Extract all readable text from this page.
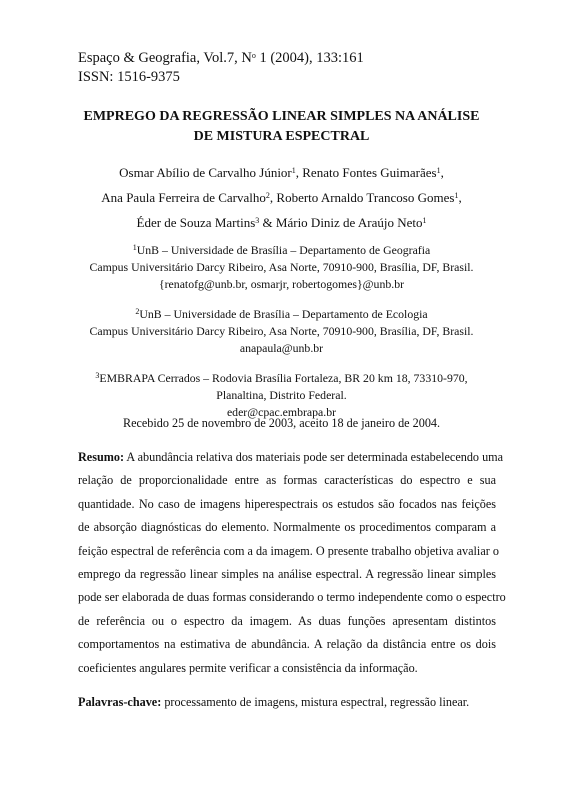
Espaço & Geografia, Vol.7, $N^o$ 1 (2004), 133:161
ISSN: 1516-9375
EMPREGO DA REGRESSÃO LINEAR SIMPLES NA ANÁLISE
DE MISTURA ESPECTRAL
Osmar Abílio de Carvalho Júnior$^1$, Renato Fontes Guimarães$^1$,
Ana Paula Ferreira de Carvalho$^2$, Roberto Arnaldo Trancoso Gomes$^1$,
Éder de Souza Martins$^3$ & Mário Diniz de Araújo Neto$^1$
$^1$UnB – Universidade de Brasília – Departamento de Geografia
Campus Universitário Darcy Ribeiro, Asa Norte, 70910-900, Brasília, DF, Brasil.
{renatofg@unb.br, osmarjr, robertogomes}@unb.br
$^2$UnB – Universidade de Brasília – Departamento de Ecologia
Campus Universitário Darcy Ribeiro, Asa Norte, 70910-900, Brasília, DF, Brasil.
anapaula@unb.br
$^3$EMBRAPA Cerrados – Rodovia Brasília Fortaleza, BR 20 km 18, 73310-970,
Planaltina, Distrito Federal.
eder@cpac.embrapa.br
Recebido 25 de novembro de 2003, aceito 18 de janeiro de 2004.
Resumo: A abundância relativa dos materiais pode ser determinada estabelecendo uma
relação de proporcionalidade entre as formas características do espectro e sua
quantidade. No caso de imagens hiperespectrais os estudos são focados nas feições
de absorção diagnósticas do elemento. Normalmente os procedimentos comparam a
feição espectral de referência com a da imagem. O presente trabalho objetiva avaliar o
emprego da regressão linear simples na análise espectral. A regressão linear simples
pode ser elaborada de duas formas considerando o termo independente como o espectro
de referência ou o espectro da imagem. As duas funções apresentam distintos
comportamentos na estimativa de abundância. A relação da distância entre os dois
coeficientes angulares permite verificar a consistência da informação.
Palavras-chave: processamento de imagens, mistura espectral, regressão linear.
